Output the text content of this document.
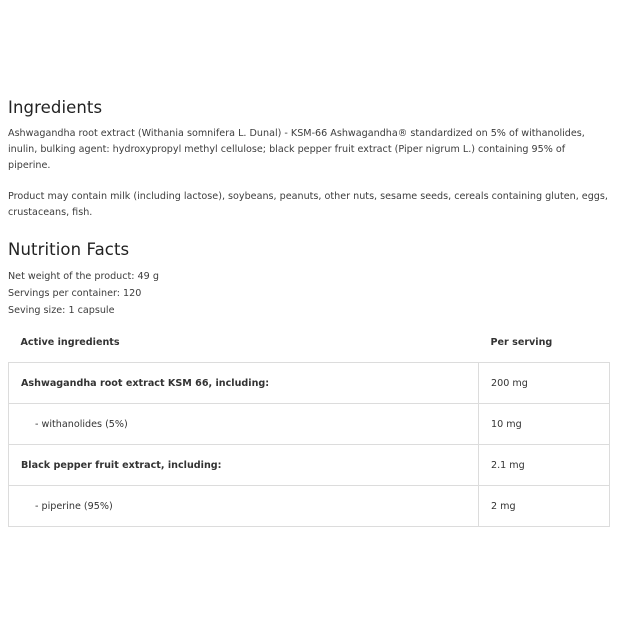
Ingredients

Ashwagandha root extract (Withania somnifera L. Dunal) - KSM-66 Ashwagandha® standardized on 5% of withanolides, inulin, bulking agent: hydroxypropyl methyl cellulose; black pepper fruit extract (Piper nigrum L.) containing 95% of piperine.

Product may contain milk (including lactose), soybeans, peanuts, other nuts, sesame seeds, cereals containing gluten, eggs, crustaceans, fish.

Nutrition Facts
Net weight of the product: 49 g
Servings per container: 120
Seving size: 1 capsule
Active ingredients	Per serving
Ashwagandha root extract KSM 66, including:	200 mg
- withanolides (5%)	10 mg
Black pepper fruit extract, including:	2.1 mg
- piperine (95%)	2 mg
